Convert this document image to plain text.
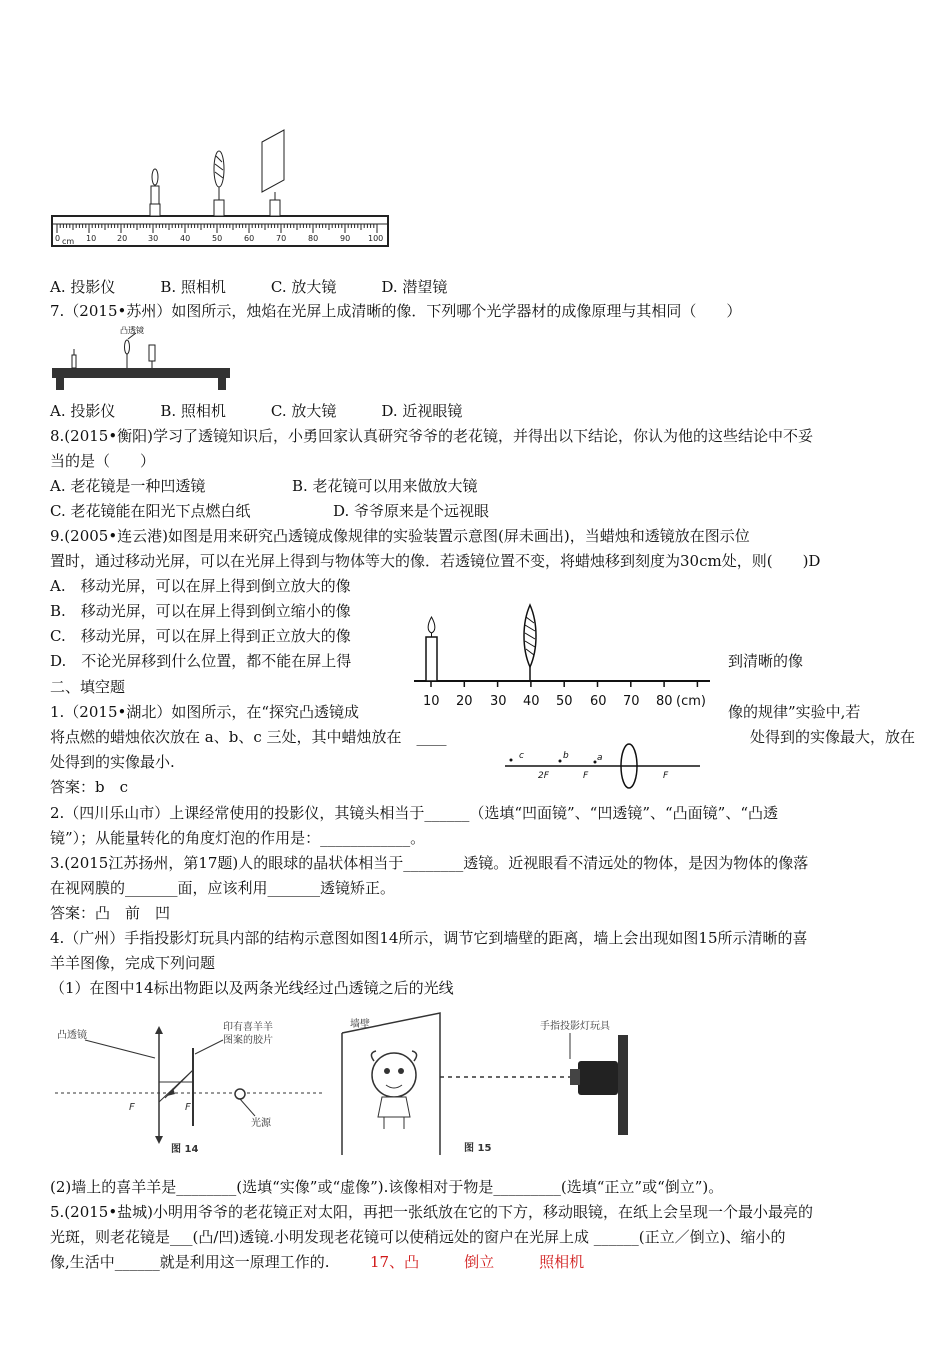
0 cm 10	20	30	40	50	60	70	80	90 100
A. 投影仪　　　B. 照相机　　　C. 放大镜　　　D. 潜望镜
7.（2015•苏州）如图所示，烛焰在光屏上成清晰的像．下列哪个光学器材的成像原理与其相同（　　）
凸透镜
A. 投影仪　　　B. 照相机　　　C. 放大镜　　　D. 近视眼镜
8.(2015•衡阳)学习了透镜知识后，小勇回家认真研究爷爷的老花镜，并得出以下结论，你认为他的这些结论中不妥
当的是（　　）
A. 老花镜是一种凹透镜	B. 老花镜可以用来做放大镜
C. 老花镜能在阳光下点燃白纸	D. 爷爷原来是个远视眼
9.(2005•连云港)如图是用来研究凸透镜成像规律的实验装置示意图(屏未画出)，当蜡烛和透镜放在图示位
置时，通过移动光屏，可以在光屏上得到与物体等大的像．若透镜位置不变，将蜡烛移到刻度为30cm处，则(　　)D
A.　移动光屏，可以在屏上得到倒立放大的像
B.　移动光屏，可以在屏上得到倒立缩小的像
C.　移动光屏，可以在屏上得到正立放大的像
D.　不论光屏移到什么位置，都不能在屏上得	到清晰的像
10 20 30 40 50 60 70 80 (cm)
二、填空题
1.（2015•湖北）如图所示，在“探究凸透镜成	像的规律”实验中,若
将点燃的蜡烛依次放在 a、b、c 三处，其中蜡烛放在　____	处得到的实像最大，放在
处得到的实像最小.
答案：b　c
c	b	a
2F	F	F
2.（四川乐山市）上课经常使用的投影仪，其镜头相当于______（选填“凹面镜”、“凹透镜”、“凸面镜”、“凸透
镜”）；从能量转化的角度灯泡的作用是：____________。
3.(2015江苏扬州，第17题)人的眼球的晶状体相当于________透镜。近视眼看不清远处的物体，是因为物体的像落
在视网膜的_______面，应该利用_______透镜矫正。
答案：凸　前　凹
4.（广州）手指投影灯玩具内部的结构示意图如图14所示，调节它到墙壁的距离，墙上会出现如图15所示清晰的喜
羊羊图像，完成下列问题
（1）在图中14标出物距以及两条光线经过凸透镜之后的光线
凸透镜
印有喜羊羊
图案的胶片
F	F
光源
图 14
墙壁	手指投影灯玩具
图 15
(2)墙上的喜羊羊是________(选填“实像”或“虚像”).该像相对于物是_________(选填“正立”或“倒立”)。
5.(2015•盐城)小明用爷爷的老花镜正对太阳，再把一张纸放在它的下方，移动眼镜，在纸上会呈现一个最小最亮的
光斑，则老花镜是___(凸/凹)透镜.小明发现老花镜可以使稍远处的窗户在光屏上成 ______(正立／倒立)、缩小的
像,生活中______就是利用这一原理工作的.	17、凸　　　倒立　　　照相机
